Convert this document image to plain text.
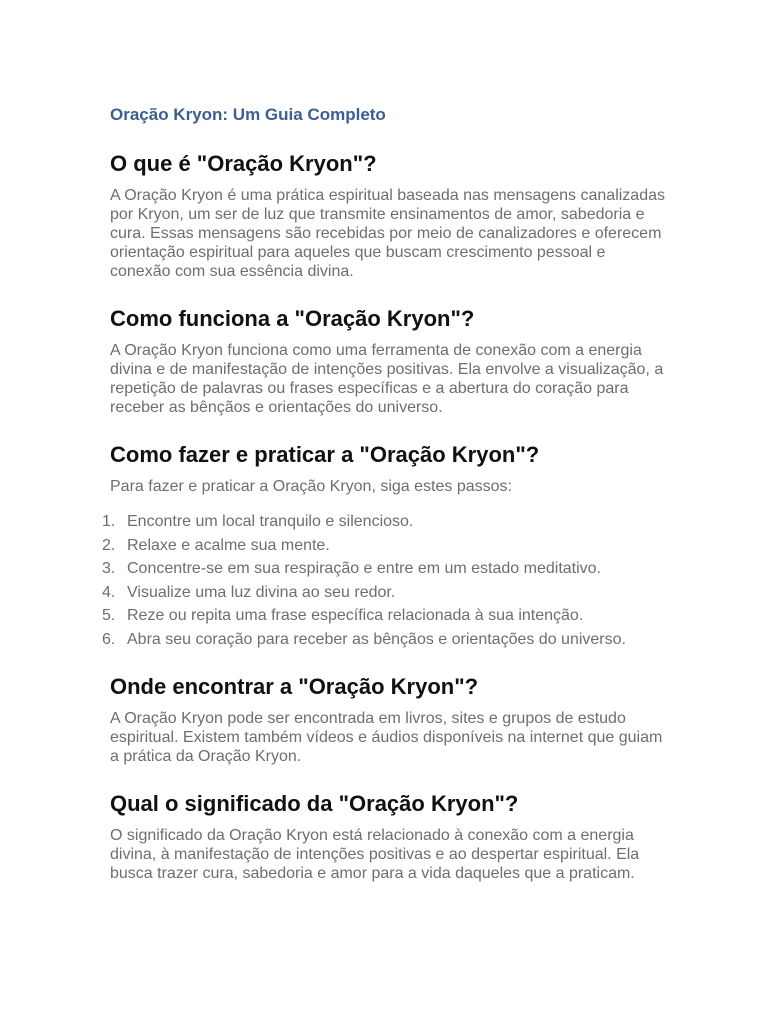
Oração Kryon: Um Guia Completo
O que é "Oração Kryon"?

A Oração Kryon é uma prática espiritual baseada nas mensagens canalizadas por Kryon, um ser de luz que transmite ensinamentos de amor, sabedoria e cura. Essas mensagens são recebidas por meio de canalizadores e oferecem orientação espiritual para aqueles que buscam crescimento pessoal e conexão com sua essência divina.

Como funciona a "Oração Kryon"?

A Oração Kryon funciona como uma ferramenta de conexão com a energia divina e de manifestação de intenções positivas. Ela envolve a visualização, a repetição de palavras ou frases específicas e a abertura do coração para receber as bênçãos e orientações do universo.

Como fazer e praticar a "Oração Kryon"?

Para fazer e praticar a Oração Kryon, siga estes passos:

1. Encontre um local tranquilo e silencioso.
2. Relaxe e acalme sua mente.
3. Concentre-se em sua respiração e entre em um estado meditativo.
4. Visualize uma luz divina ao seu redor.
5. Reze ou repita uma frase específica relacionada à sua intenção.
6. Abra seu coração para receber as bênçãos e orientações do universo.
Onde encontrar a "Oração Kryon"?

A Oração Kryon pode ser encontrada em livros, sites e grupos de estudo espiritual. Existem também vídeos e áudios disponíveis na internet que guiam a prática da Oração Kryon.

Qual o significado da "Oração Kryon"?

O significado da Oração Kryon está relacionado à conexão com a energia divina, à manifestação de intenções positivas e ao despertar espiritual. Ela busca trazer cura, sabedoria e amor para a vida daqueles que a praticam.
